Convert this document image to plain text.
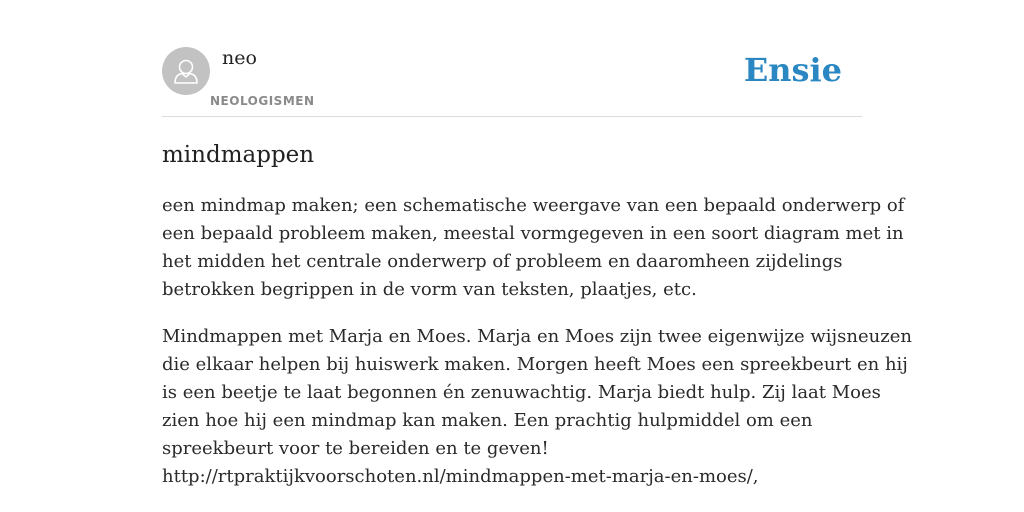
neo
NEOLOGISMEN
Ensie
mindmappen

een mindmap maken; een schematische weergave van een bepaald onderwerp of
een bepaald probleem maken, meestal vormgegeven in een soort diagram met in
het midden het centrale onderwerp of probleem en daaromheen zijdelings
betrokken begrippen in de vorm van teksten, plaatjes, etc.

Mindmappen met Marja en Moes. Marja en Moes zijn twee eigenwijze wijsneuzen
die elkaar helpen bij huiswerk maken. Morgen heeft Moes een spreekbeurt en hij
is een beetje te laat begonnen én zenuwachtig. Marja biedt hulp. Zij laat Moes
zien hoe hij een mindmap kan maken. Een prachtig hulpmiddel om een
spreekbeurt voor te bereiden en te geven!
http://rtpraktijkvoorschoten.nl/mindmappen-met-marja-en-moes/,
